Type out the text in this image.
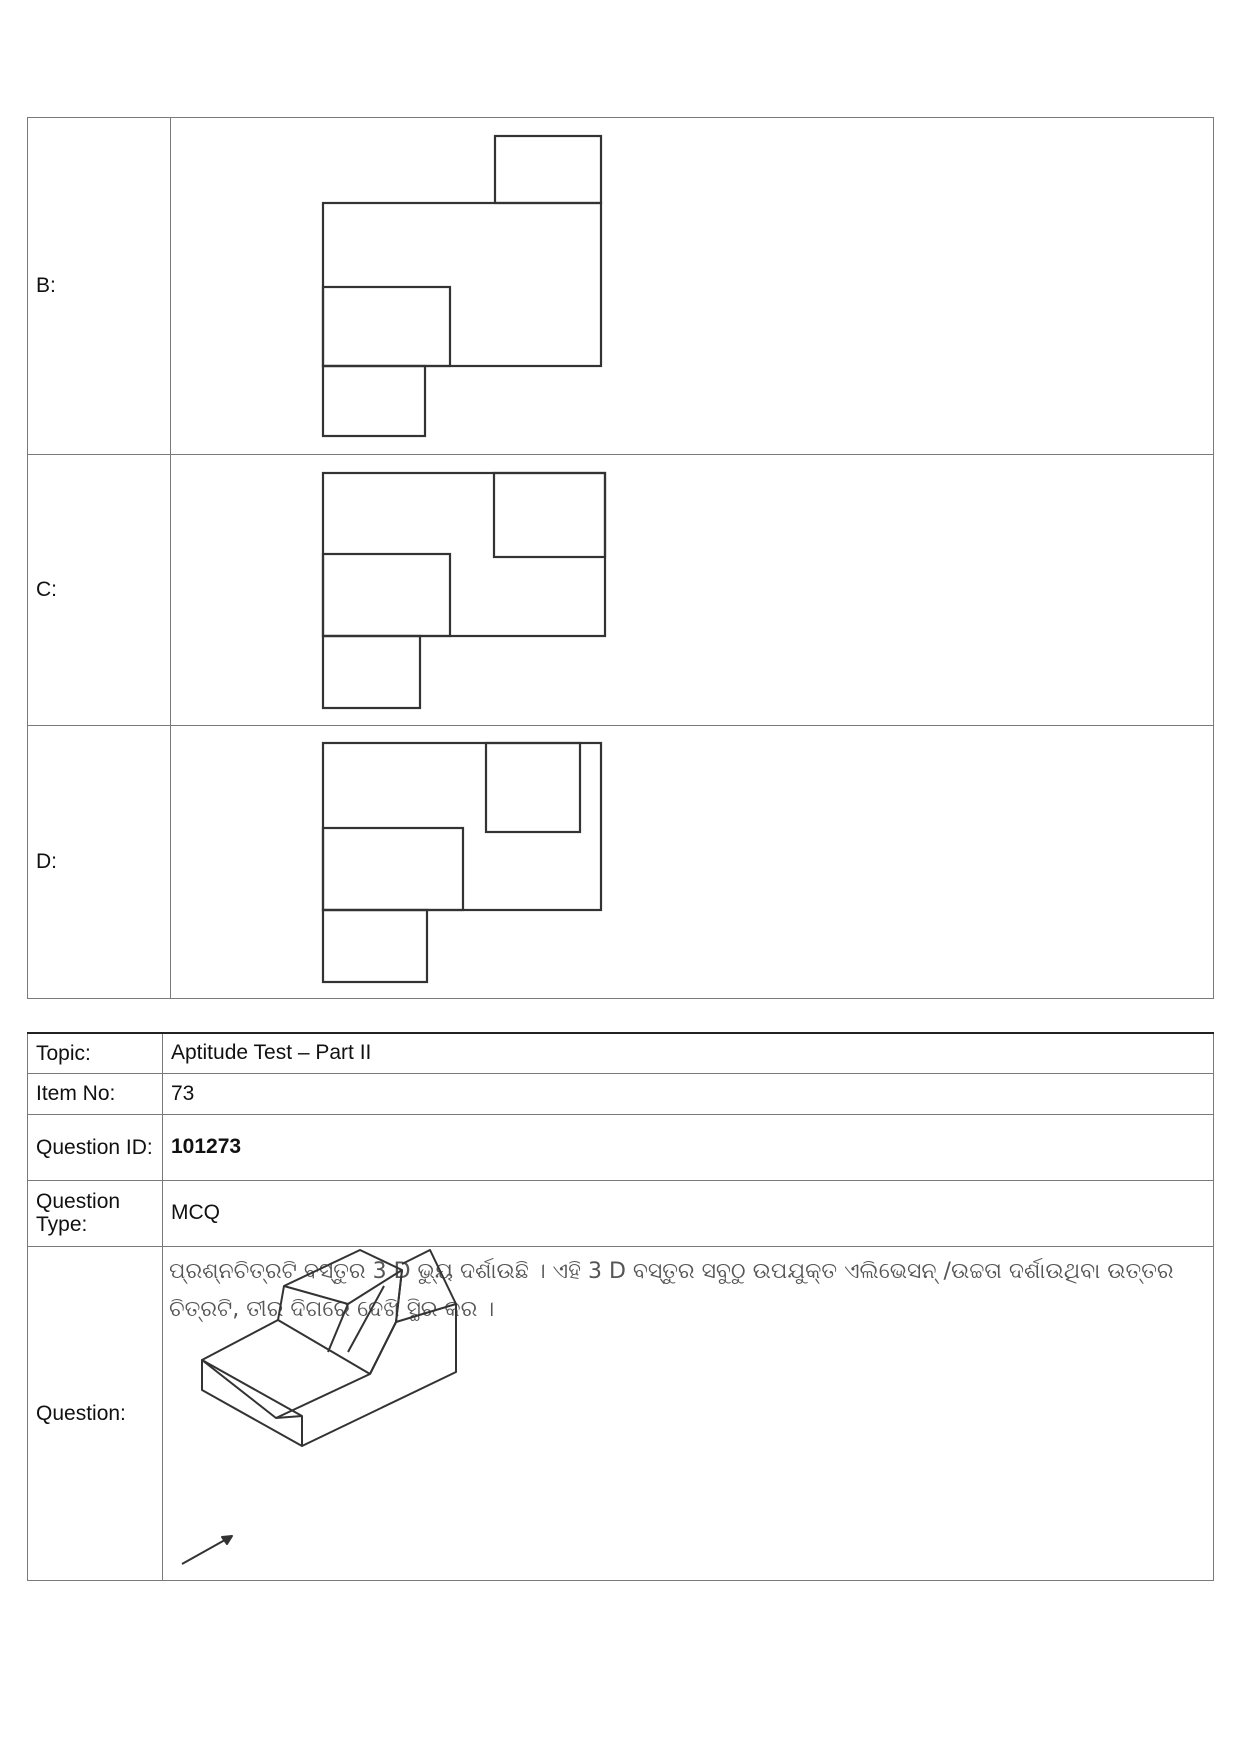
B:	

C:	

D:	
Topic:	Aptitude Test – Part II
Item No:	73
Question ID:	101273
Question Type:	MCQ
Question:	ପ୍ରଶ୍ନଚିତ୍ରଟି ବସ୍ତୁର 3 D ଭ୍ୟୁ ଦର୍ଶାଉଛି । ଏହି 3 D ବସ୍ତୁର ସବୁଠୁ ଉପଯୁକ୍ତ ଏଲିଭେସନ୍ /ଉଚ୍ଚତା ଦର୍ଶାଉଥିବା ଉତ୍ତର ଚିତ୍ରଟି, ତୀର ଦିଗରେ ଦେଖି ସ୍ଥିର କର ।
